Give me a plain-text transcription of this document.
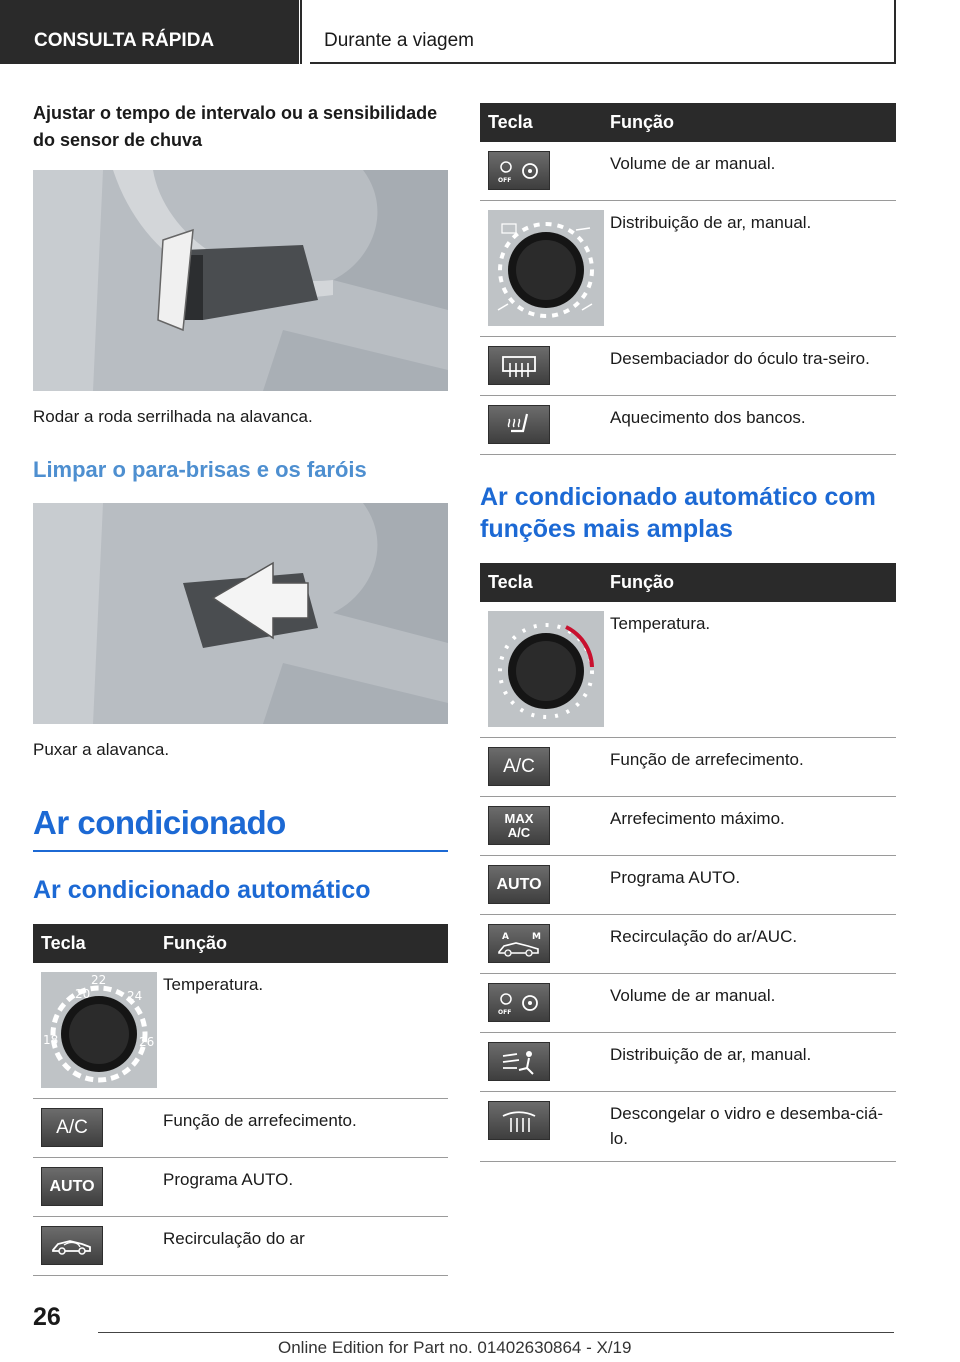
CONSULTA RÁPIDA	Durante a viagem
Ajustar o tempo de intervalo ou a sensibilidade do sensor de chuva
Rodar a roda serrilhada na alavanca.
Limpar o para-brisas e os faróis
Puxar a alavanca.
Ar condicionado
Ar condicionado automático
Tecla	Função

20
22
24
18 26	Temperatura.

A/C	Função de arrefecimento.

AUTO	Programa AUTO.

	Recirculação do ar
Tecla	Função

OFF	Volume de ar manual.

	Distribuição de ar, manual.

	Desembaciador do óculo tra-seiro.

	Aquecimento dos bancos.
Ar condicionado automático com funções mais amplas
Tecla	Função

	Temperatura.

A/C	Função de arrefecimento.

MAX
A/C	Arrefecimento máximo.

AUTO	Programa AUTO.

A M	Recirculação do ar/AUC.

OFF	Volume de ar manual.

	Distribuição de ar, manual.

	Descongelar o vidro e desemba-ciá-lo.
26
Online Edition for Part no. 01402630864 - X/19
